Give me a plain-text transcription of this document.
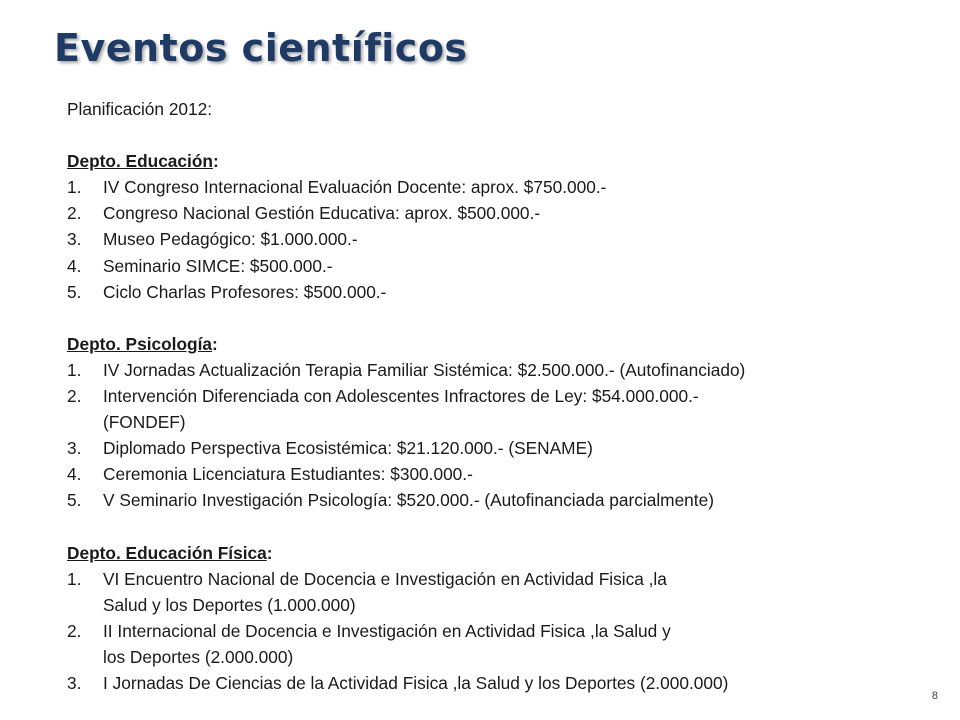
Eventos científicos
Planificación 2012:
Depto. Educación:
1. IV Congreso Internacional Evaluación Docente: aprox. $750.000.-
2. Congreso Nacional Gestión Educativa: aprox. $500.000.-
3. Museo Pedagógico: $1.000.000.-
4. Seminario SIMCE: $500.000.-
5. Ciclo Charlas Profesores: $500.000.-
Depto. Psicología:
1. IV Jornadas Actualización Terapia Familiar Sistémica: $2.500.000.- (Autofinanciado)
2. Intervención Diferenciada con Adolescentes Infractores de Ley: $54.000.000.-
(FONDEF)
3. Diplomado Perspectiva Ecosistémica: $21.120.000.- (SENAME)
4. Ceremonia Licenciatura Estudiantes: $300.000.-
5. V Seminario Investigación Psicología: $520.000.- (Autofinanciada parcialmente)
Depto. Educación Física:
1. VI Encuentro Nacional de Docencia e Investigación en Actividad Fisica ,la
Salud y los Deportes (1.000.000)
2. II Internacional de Docencia e Investigación en Actividad Fisica ,la Salud y
los Deportes (2.000.000)
3. I Jornadas De Ciencias de la Actividad Fisica ,la Salud y los Deportes (2.000.000)
8
